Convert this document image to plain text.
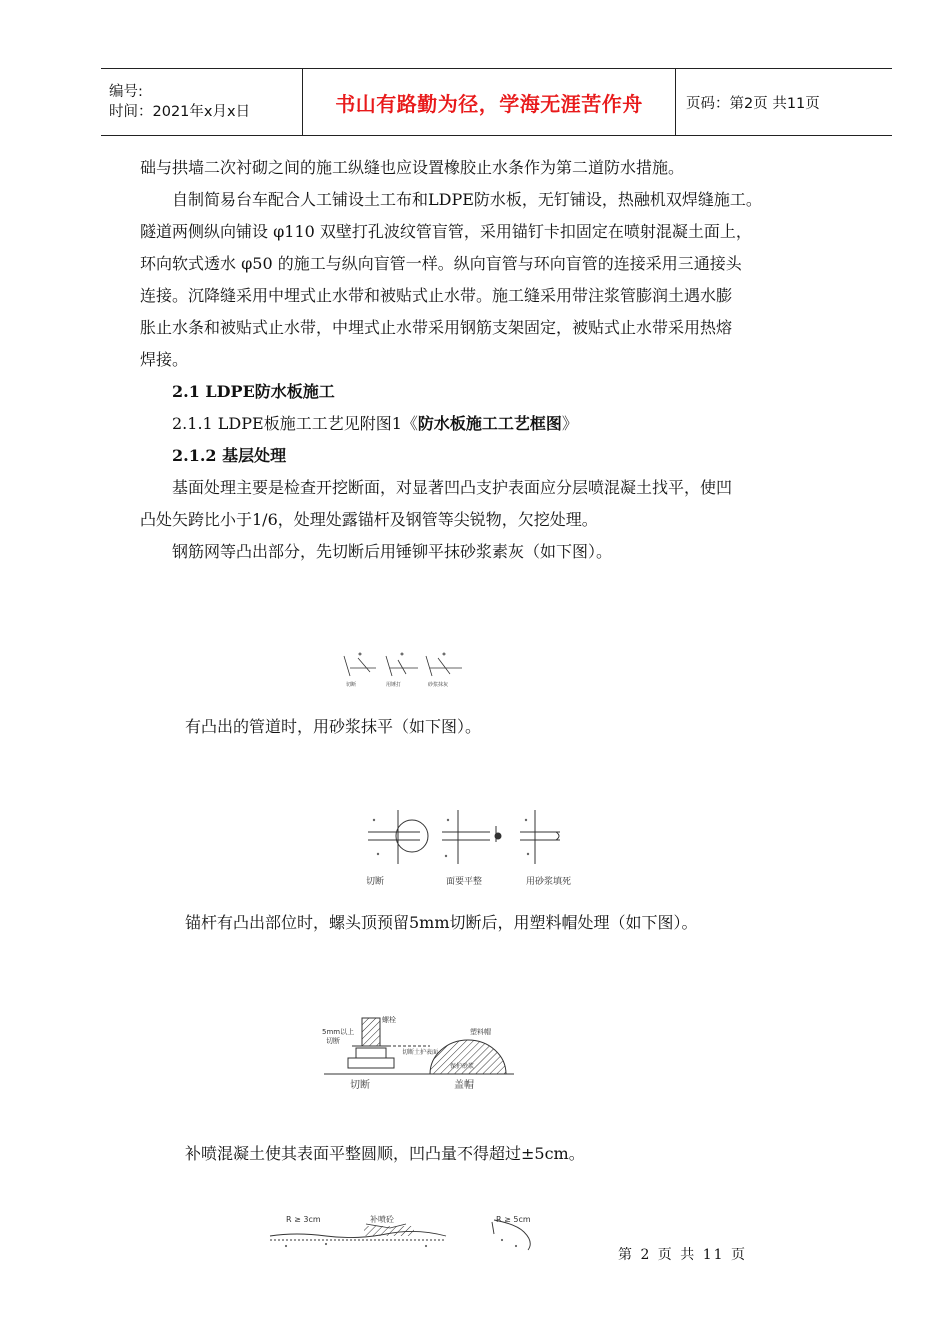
编号:
时间：2021年x月x日	书山有路勤为径，学海无涯苦作舟	页码：第2页 共11页

础与拱墙二次衬砌之间的施工纵缝也应设置橡胶止水条作为第二道防水措施。

自制简易台车配合人工铺设土工布和LDPE防水板，无钉铺设，热融机双焊缝施工。

隧道两侧纵向铺设 φ110 双壁打孔波纹管盲管，采用锚钉卡扣固定在喷射混凝土面上，

环向软式透水 φ50 的施工与纵向盲管一样。纵向盲管与环向盲管的连接采用三通接头

连接。沉降缝采用中埋式止水带和被贴式止水带。施工缝采用带注浆管膨润土遇水膨

胀止水条和被贴式止水带，中埋式止水带采用钢筋支架固定，被贴式止水带采用热熔

焊接。

2.1 LDPE防水板施工

2.1.1 LDPE板施工工艺见附图1《防水板施工工艺框图》

2.1.2 基层处理

基面处理主要是检查开挖断面，对显著凹凸支护表面应分层喷混凝土找平，使凹

凸处矢跨比小于1/6，处理处露锚杆及钢管等尖锐物，欠挖处理。

钢筋网等凸出部分，先切断后用锤铆平抹砂浆素灰（如下图）。

切断	用锤打	砂浆抹灰
有凸出的管道时，用砂浆抹平（如下图）。
切断	面要平整	用砂浆填死
锚杆有凸出部位时，螺头顶预留5mm切断后，用塑料帽处理（如下图）。
螺栓
5mm以上
切断
切断土护表面
塑料帽
保护砂浆
切断	盖帽
补喷混凝土使其表面平整圆顺，凹凸量不得超过±5cm。
R ≥ 3cm	补喷砼	R ≥ 5cm
第 2 页 共 11 页
